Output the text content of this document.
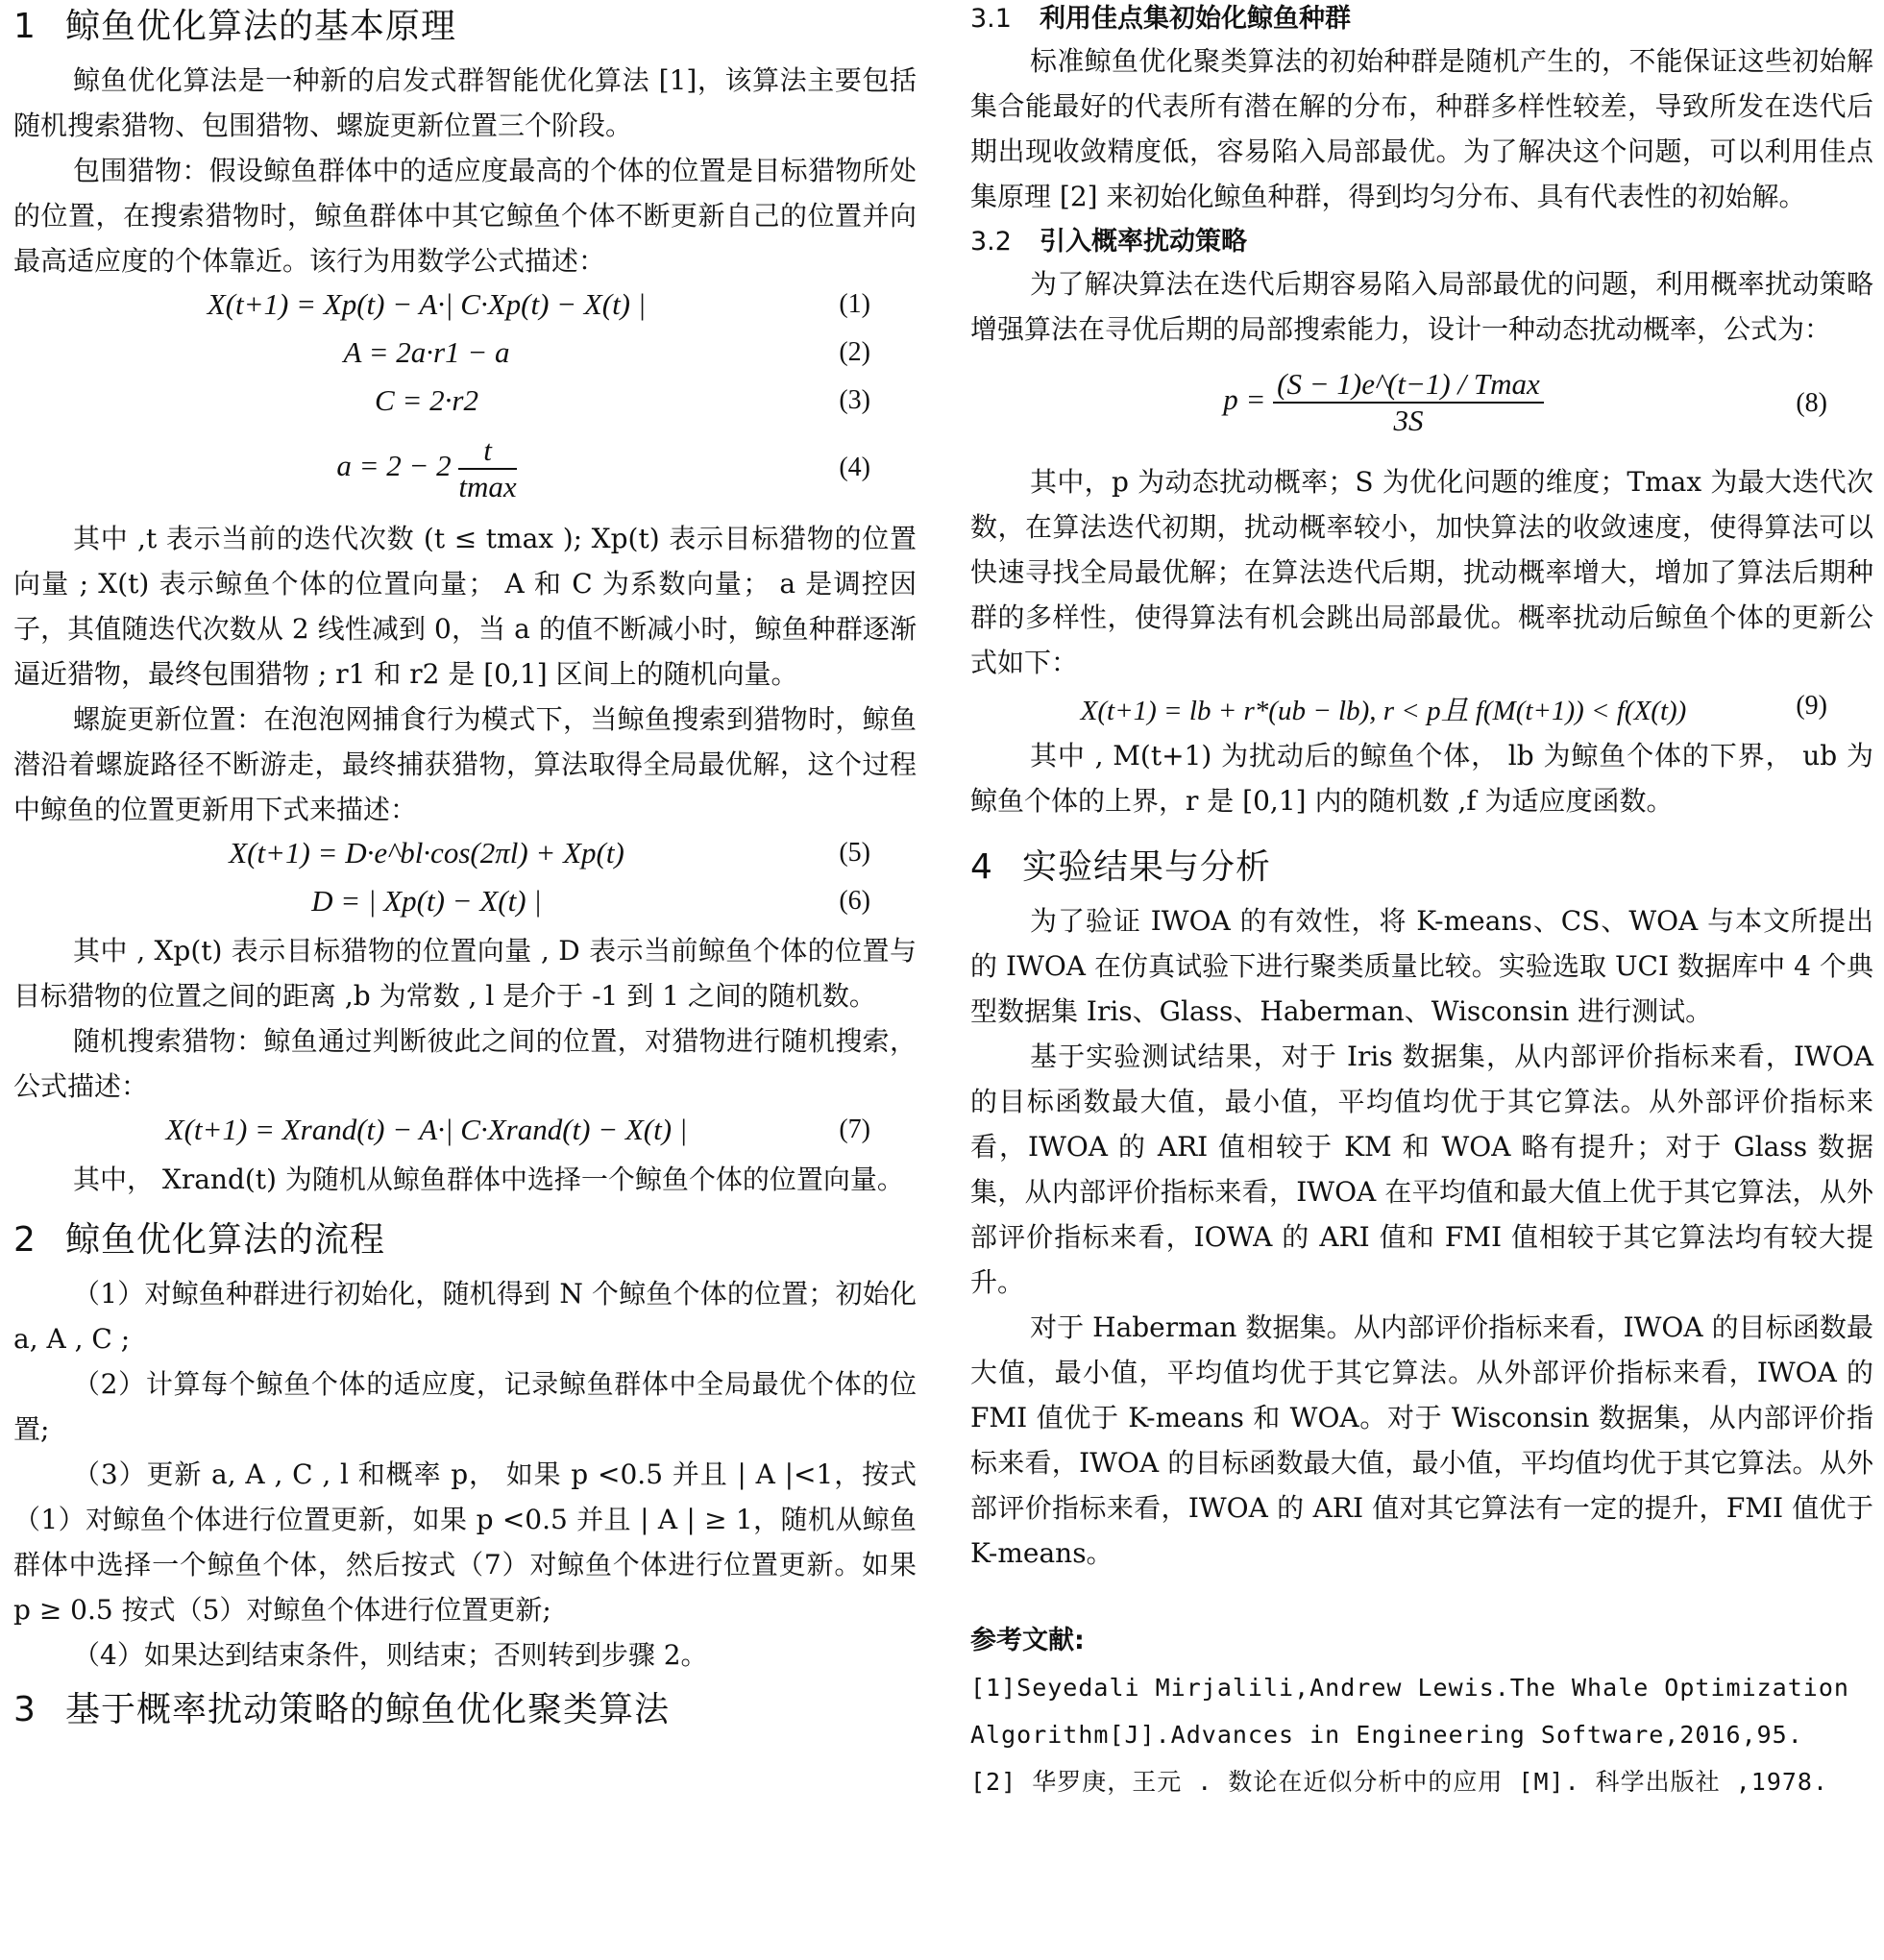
1 鲸鱼优化算法的基本原理

鲸鱼优化算法是一种新的启发式群智能优化算法 [1]，该算法主要包括随机搜索猎物、包围猎物、螺旋更新位置三个阶段。

包围猎物：假设鲸鱼群体中的适应度最高的个体的位置是目标猎物所处的位置，在搜索猎物时，鲸鱼群体中其它鲸鱼个体不断更新自己的位置并向最高适应度的个体靠近。该行为用数学公式描述：

X(t+1) = Xp(t) − A·| C·Xp(t) − X(t) |	(1)
A = 2a·r1 − a	(2)
C = 2·r2	(3)
$a = 2 - 2 \frac{t}{tmax}$	(4)

其中 ,t 表示当前的迭代次数 (t ≤ tmax ); Xp(t) 表示目标猎物的位置向量 ; X(t) 表示鲸鱼个体的位置向量； A 和 C 为系数向量； a 是调控因子，其值随迭代次数从 2 线性减到 0，当 a 的值不断减小时，鲸鱼种群逐渐逼近猎物，最终包围猎物 ; r1 和 r2 是 [0,1] 区间上的随机向量。

螺旋更新位置：在泡泡网捕食行为模式下，当鲸鱼搜索到猎物时，鲸鱼潜沿着螺旋路径不断游走，最终捕获猎物，算法取得全局最优解，这个过程中鲸鱼的位置更新用下式来描述：

X(t+1) = D·e^bl·cos(2πl) + Xp(t)	(5)
D = | Xp(t) − X(t) |	(6)

其中 , Xp(t) 表示目标猎物的位置向量 , D 表示当前鲸鱼个体的位置与目标猎物的位置之间的距离 ,b 为常数 , l 是介于 -1 到 1 之间的随机数。

随机搜索猎物：鲸鱼通过判断彼此之间的位置，对猎物进行随机搜索，公式描述：

X(t+1) = Xrand(t) − A·| C·Xrand(t) − X(t) |	(7)

其中， Xrand(t) 为随机从鲸鱼群体中选择一个鲸鱼个体的位置向量。

2 鲸鱼优化算法的流程

（1）对鲸鱼种群进行初始化，随机得到 N 个鲸鱼个体的位置；初始化 a, A , C ;

（2）计算每个鲸鱼个体的适应度，记录鲸鱼群体中全局最优个体的位置;

（3）更新 a, A , C , l 和概率 p， 如果 p <0.5 并且 | A |<1，按式（1）对鲸鱼个体进行位置更新，如果 p <0.5 并且 | A | ≥ 1，随机从鲸鱼群体中选择一个鲸鱼个体，然后按式（7）对鲸鱼个体进行位置更新。如果 p ≥ 0.5 按式（5）对鲸鱼个体进行位置更新;

（4）如果达到结束条件，则结束；否则转到步骤 2。

3 基于概率扰动策略的鲸鱼优化聚类算法
3.1 利用佳点集初始化鲸鱼种群

标准鲸鱼优化聚类算法的初始种群是随机产生的，不能保证这些初始解集合能最好的代表所有潜在解的分布，种群多样性较差，导致所发在迭代后期出现收敛精度低，容易陷入局部最优。为了解决这个问题，可以利用佳点集原理 [2] 来初始化鲸鱼种群，得到均匀分布、具有代表性的初始解。

3.2 引入概率扰动策略

为了解决算法在迭代后期容易陷入局部最优的问题，利用概率扰动策略增强算法在寻优后期的局部搜索能力，设计一种动态扰动概率，公式为：

$p = \frac{(S - 1)e\^{}(t-1) / Tmax}{3S}$	(8)

其中，p 为动态扰动概率；S 为优化问题的维度；Tmax 为最大迭代次数，在算法迭代初期，扰动概率较小，加快算法的收敛速度，使得算法可以快速寻找全局最优解；在算法迭代后期，扰动概率增大，增加了算法后期种群的多样性，使得算法有机会跳出局部最优。概率扰动后鲸鱼个体的更新公式如下：

X(t+1) = lb + r*(ub − lb), r < p且 f(M(t+1)) < f(X(t))	(9)

其中 , M(t+1) 为扰动后的鲸鱼个体， lb 为鲸鱼个体的下界， ub 为鲸鱼个体的上界，r 是 [0,1] 内的随机数 ,f 为适应度函数。

4 实验结果与分析

为了验证 IWOA 的有效性，将 K-means、CS、WOA 与本文所提出的 IWOA 在仿真试验下进行聚类质量比较。实验选取 UCI 数据库中 4 个典型数据集 Iris、Glass、Haberman、Wisconsin 进行测试。

基于实验测试结果，对于 Iris 数据集，从内部评价指标来看，IWOA 的目标函数最大值，最小值，平均值均优于其它算法。从外部评价指标来看，IWOA 的 ARI 值相较于 KM 和 WOA 略有提升；对于 Glass 数据集，从内部评价指标来看，IWOA 在平均值和最大值上优于其它算法，从外部评价指标来看，IOWA 的 ARI 值和 FMI 值相较于其它算法均有较大提升。

对于 Haberman 数据集。从内部评价指标来看，IWOA 的目标函数最大值，最小值，平均值均优于其它算法。从外部评价指标来看，IWOA 的 FMI 值优于 K-means 和 WOA。对于 Wisconsin 数据集，从内部评价指标来看，IWOA 的目标函数最大值，最小值，平均值均优于其它算法。从外部评价指标来看，IWOA 的 ARI 值对其它算法有一定的提升，FMI 值优于 K-means。

参考文献:
[1]Seyedali Mirjalili,Andrew Lewis.The Whale Optimization Algorithm[J].Advances in Engineering Software,2016,95.
[2] 华罗庚，王元 . 数论在近似分析中的应用 [M]. 科学出版社 ,1978.
